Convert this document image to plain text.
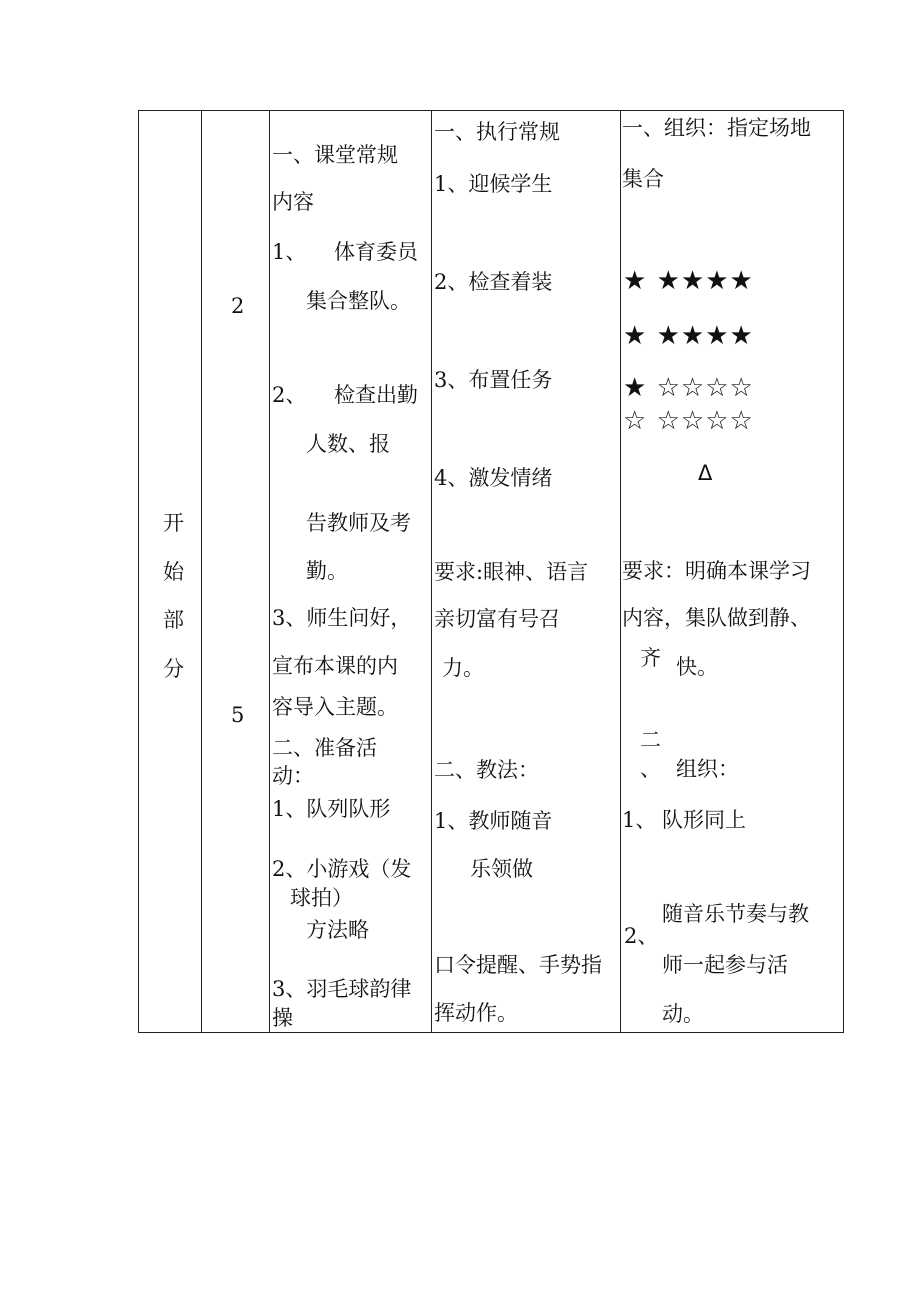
开
始
部
分
2
5
一、课堂常规
内容
1、 体育委员
集合整队。
2、 检查出勤
人数、报
告教师及考
勤。
3、师生问好，
宣布本课的内
容导入主题。
二、准备活
动：
1、队列队形
2、小游戏（发
球拍）
方法略
3、羽毛球韵律
操
一、执行常规
1、迎候学生
2、检查着装
3、布置任务
4、激发情绪
要求:眼神、语言
亲切富有号召
力。
二、教法：
1、教师随音
乐领做
口令提醒、手势指
挥动作。
一、组织：指定场地
集合
★ ★★★★
★ ★★★★
★ ☆☆☆☆
☆ ☆☆☆☆
Δ
要求：明确本课学习
内容，集队做到静、
齐 快。
二
、 组织：
1、 队形同上
随音乐节奏与教
2、
师一起参与活
动。
